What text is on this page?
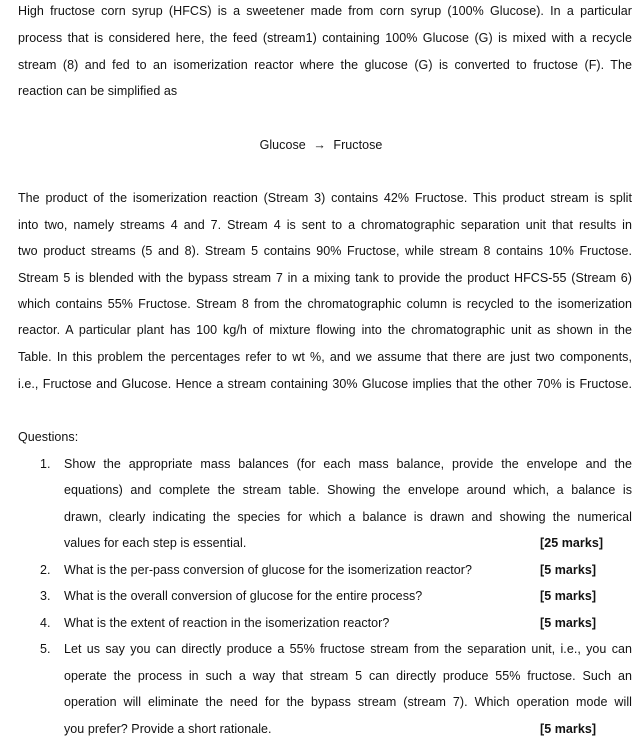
High fructose corn syrup (HFCS) is a sweetener made from corn syrup (100% Glucose). In a particular
process that is considered here, the feed (stream1) containing 100% Glucose (G) is mixed with a recycle
stream (8) and fed to an isomerization reactor where the glucose (G) is converted to fructose (F). The
reaction can be simplified as
Glucose → Fructose
The product of the isomerization reaction (Stream 3) contains 42% Fructose. This product stream is split
into two, namely streams 4 and 7. Stream 4 is sent to a chromatographic separation unit that results in
two product streams (5 and 8). Stream 5 contains 90% Fructose, while stream 8 contains 10% Fructose.
Stream 5 is blended with the bypass stream 7 in a mixing tank to provide the product HFCS-55 (Stream 6)
which contains 55% Fructose. Stream 8 from the chromatographic column is recycled to the isomerization
reactor. A particular plant has 100 kg/h of mixture flowing into the chromatographic unit as shown in the
Table. In this problem the percentages refer to wt %, and we assume that there are just two components,
i.e., Fructose and Glucose. Hence a stream containing 30% Glucose implies that the other 70% is Fructose.
Questions:
1. Show the appropriate mass balances (for each mass balance, provide the envelope and the
equations) and complete the stream table. Showing the envelope around which, a balance is
drawn, clearly indicating the species for which a balance is drawn and showing the numerical
values for each step is essential.	[25 marks]
2. What is the per-pass conversion of glucose for the isomerization reactor?	[5 marks]
3. What is the overall conversion of glucose for the entire process?	[5 marks]
4. What is the extent of reaction in the isomerization reactor?	[5 marks]
5. Let us say you can directly produce a 55% fructose stream from the separation unit, i.e., you can
operate the process in such a way that stream 5 can directly produce 55% fructose. Such an
operation will eliminate the need for the bypass stream (stream 7). Which operation mode will
you prefer? Provide a short rationale.	[5 marks]
